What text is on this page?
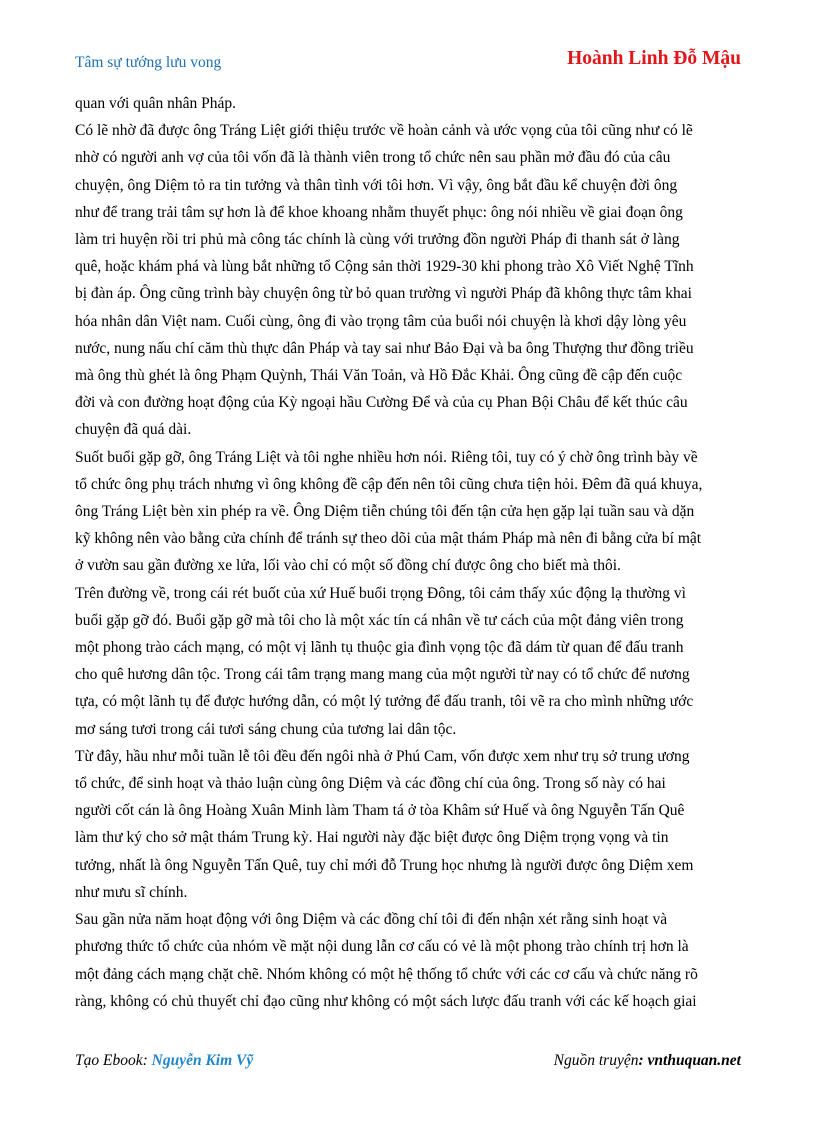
Tâm sự tướng lưu vong	Hoành Linh Đỗ Mậu

quan với quân nhân Pháp.

Có lẽ nhờ đã được ông Tráng Liệt giới thiệu trước về hoàn cảnh và ước vọng của tôi cũng như có lẽ
nhờ có người anh vợ của tôi vốn đã là thành viên trong tổ chức nên sau phần mở đầu đó của câu
chuyện, ông Diệm tỏ ra tin tưởng và thân tình với tôi hơn. Vì vậy, ông bắt đầu kể chuyện đời ông
như để trang trải tâm sự hơn là để khoe khoang nhằm thuyết phục: ông nói nhiều về giai đoạn ông
làm tri huyện rồi tri phủ mà công tác chính là cùng với trưởng đồn người Pháp đi thanh sát ở làng
quê, hoặc khám phá và lùng bắt những tổ Cộng sản thời 1929-30 khi phong trào Xô Viết Nghệ Tĩnh
bị đàn áp. Ông cũng trình bày chuyện ông từ bỏ quan trường vì người Pháp đã không thực tâm khai
hóa nhân dân Việt nam. Cuối cùng, ông đi vào trọng tâm của buổi nói chuyện là khơi dậy lòng yêu
nước, nung nấu chí căm thù thực dân Pháp và tay sai như Bảo Đại và ba ông Thượng thư đồng triều
mà ông thù ghét là ông Phạm Quỳnh, Thái Văn Toản, và Hồ Đắc Khải. Ông cũng đề cập đến cuộc
đời và con đường hoạt động của Kỳ ngoại hầu Cường Để và của cụ Phan Bội Châu để kết thúc câu
chuyện đã quá dài.

Suốt buổi gặp gỡ, ông Tráng Liệt và tôi nghe nhiều hơn nói. Riêng tôi, tuy có ý chờ ông trình bày về
tổ chức ông phụ trách nhưng vì ông không đề cập đến nên tôi cũng chưa tiện hỏi. Đêm đã quá khuya,
ông Tráng Liệt bèn xin phép ra về. Ông Diệm tiễn chúng tôi đến tận cửa hẹn gặp lại tuần sau và dặn
kỹ không nên vào bằng cửa chính để tránh sự theo dõi của mật thám Pháp mà nên đi bằng cửa bí mật
ở vườn sau gần đường xe lửa, lối vào chỉ có một số đồng chí được ông cho biết mà thôi.

Trên đường về, trong cái rét buốt của xứ Huế buổi trọng Đông, tôi cảm thấy xúc động lạ thường vì
buổi gặp gỡ đó. Buổi gặp gỡ mà tôi cho là một xác tín cá nhân về tư cách của một đảng viên trong
một phong trào cách mạng, có một vị lãnh tụ thuộc gia đình vọng tộc đã dám từ quan để đấu tranh
cho quê hương dân tộc. Trong cái tâm trạng mang mang của một người từ nay có tổ chức để nương
tựa, có một lãnh tụ để được hướng dẫn, có một lý tưởng để đấu tranh, tôi vẽ ra cho mình những ước
mơ sáng tươi trong cái tươi sáng chung của tương lai dân tộc.

Từ đây, hầu như mỗi tuần lễ tôi đều đến ngôi nhà ở Phú Cam, vốn được xem như trụ sở trung ương
tổ chức, để sinh hoạt và thảo luận cùng ông Diệm và các đồng chí của ông. Trong số này có hai
người cốt cán là ông Hoàng Xuân Minh làm Tham tá ở tòa Khâm sứ Huế và ông Nguyễn Tấn Quê
làm thư ký cho sở mật thám Trung kỳ. Hai người này đặc biệt được ông Diệm trọng vọng và tin
tưởng, nhất là ông Nguyễn Tấn Quê, tuy chỉ mới đỗ Trung học nhưng là người được ông Diệm xem
như mưu sĩ chính.

Sau gần nửa năm hoạt động với ông Diệm và các đồng chí tôi đi đến nhận xét rằng sinh hoạt và
phương thức tổ chức của nhóm về mặt nội dung lẫn cơ cấu có vẻ là một phong trào chính trị hơn là
một đảng cách mạng chặt chẽ. Nhóm không có một hệ thống tổ chức với các cơ cấu và chức năng rõ
ràng, không có chủ thuyết chỉ đạo cũng như không có một sách lược đấu tranh với các kế hoạch giai

Tạo Ebook: Nguyễn Kim Vỹ	Nguồn truyện: vnthuquan.net
